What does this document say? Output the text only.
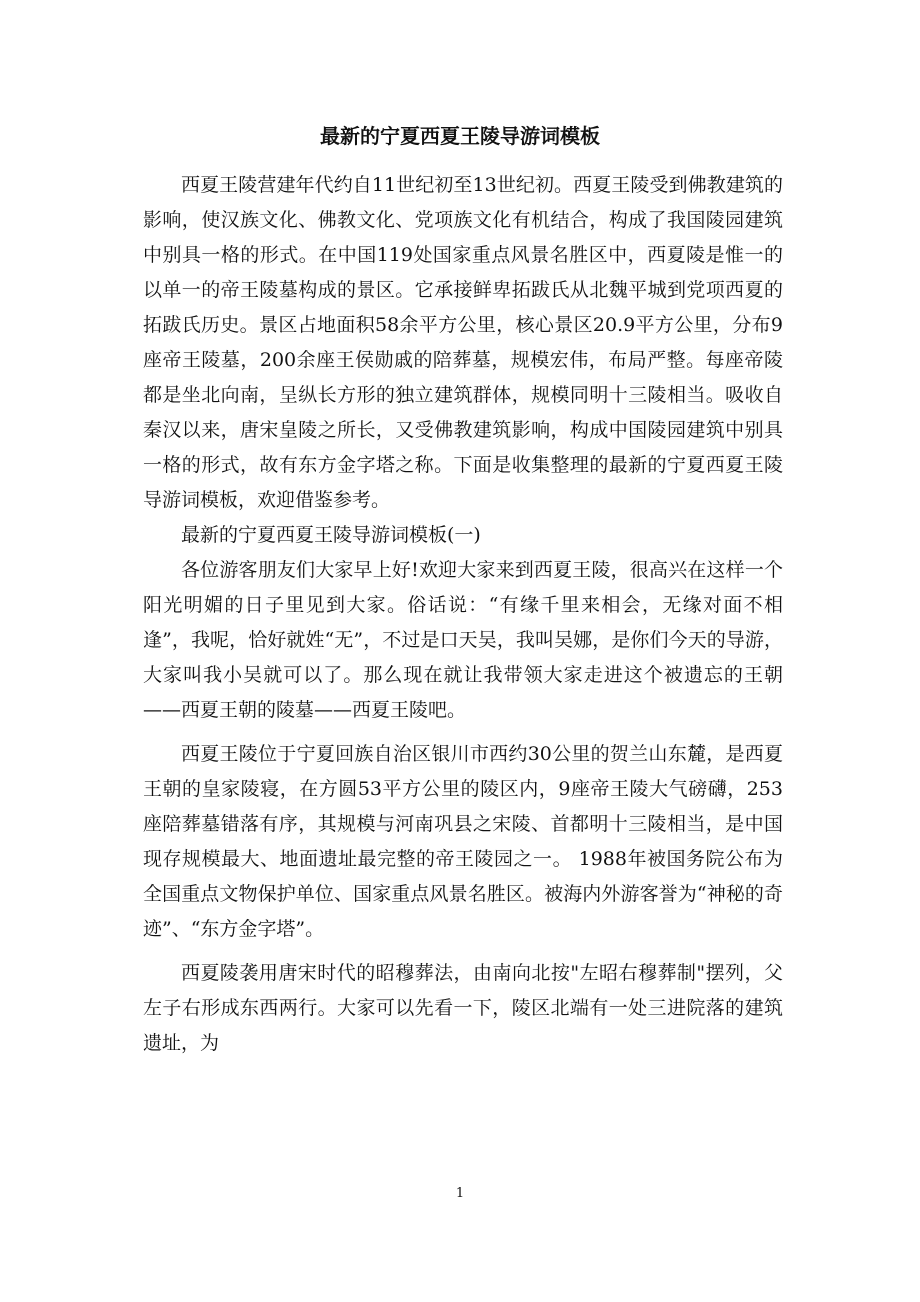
最新的宁夏西夏王陵导游词模板

西夏王陵营建年代约自11世纪初至13世纪初。西夏王陵受到佛教建筑的影响，使汉族文化、佛教文化、党项族文化有机结合，构成了我国陵园建筑中别具一格的形式。在中国119处国家重点风景名胜区中，西夏陵是惟一的以单一的帝王陵墓构成的景区。它承接鲜卑拓跋氏从北魏平城到党项西夏的拓跋氏历史。景区占地面积58余平方公里，核心景区20.9平方公里，分布9座帝王陵墓，200余座王侯勋戚的陪葬墓，规模宏伟，布局严整。每座帝陵都是坐北向南，呈纵长方形的独立建筑群体，规模同明十三陵相当。吸收自秦汉以来，唐宋皇陵之所长，又受佛教建筑影响，构成中国陵园建筑中别具一格的形式，故有东方金字塔之称。下面是收集整理的最新的宁夏西夏王陵导游词模板，欢迎借鉴参考。

最新的宁夏西夏王陵导游词模板(一)

各位游客朋友们大家早上好!欢迎大家来到西夏王陵，很高兴在这样一个阳光明媚的日子里见到大家。俗话说：“有缘千里来相会，无缘对面不相逢”，我呢，恰好就姓“无”，不过是口天吴，我叫吴娜，是你们今天的导游，大家叫我小吴就可以了。那么现在就让我带领大家走进这个被遗忘的王朝——西夏王朝的陵墓——西夏王陵吧。

西夏王陵位于宁夏回族自治区银川市西约30公里的贺兰山东麓，是西夏王朝的皇家陵寝，在方圆53平方公里的陵区内，9座帝王陵大气磅礴，253座陪葬墓错落有序，其规模与河南巩县之宋陵、首都明十三陵相当，是中国现存规模最大、地面遗址最完整的帝王陵园之一。 1988年被国务院公布为全国重点文物保护单位、国家重点风景名胜区。被海内外游客誉为“神秘的奇迹”、“东方金字塔”。

西夏陵袭用唐宋时代的昭穆葬法，由南向北按"左昭右穆葬制"摆列，父左子右形成东西两行。大家可以先看一下，陵区北端有一处三进院落的建筑遗址，为

1
